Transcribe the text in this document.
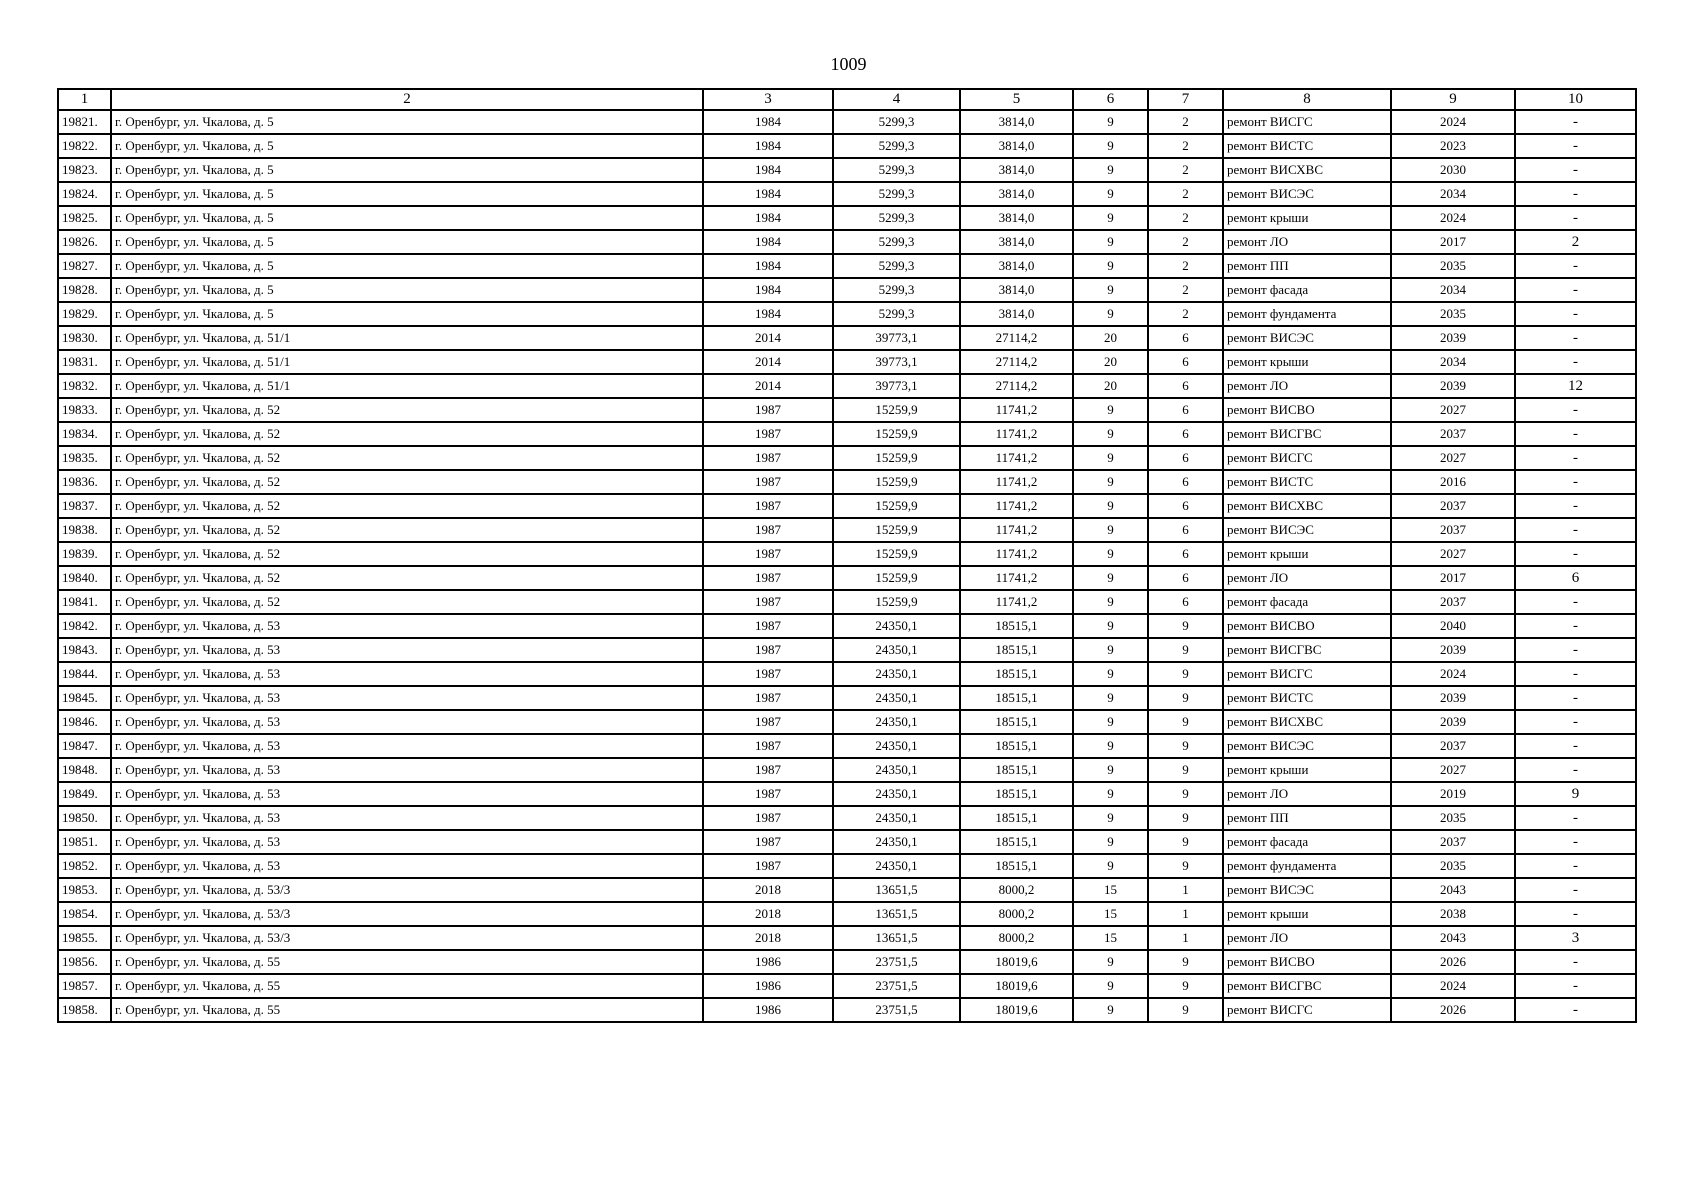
1009
1	2	3	4	5	6	7	8	9	10
19821.	г. Оренбург, ул. Чкалова, д. 5	1984	5299,3	3814,0	9	2	ремонт ВИСГС	2024	-
19822.	г. Оренбург, ул. Чкалова, д. 5	1984	5299,3	3814,0	9	2	ремонт ВИСТС	2023	-
19823.	г. Оренбург, ул. Чкалова, д. 5	1984	5299,3	3814,0	9	2	ремонт ВИСХВС	2030	-
19824.	г. Оренбург, ул. Чкалова, д. 5	1984	5299,3	3814,0	9	2	ремонт ВИСЭС	2034	-
19825.	г. Оренбург, ул. Чкалова, д. 5	1984	5299,3	3814,0	9	2	ремонт крыши	2024	-
19826.	г. Оренбург, ул. Чкалова, д. 5	1984	5299,3	3814,0	9	2	ремонт ЛО	2017	2
19827.	г. Оренбург, ул. Чкалова, д. 5	1984	5299,3	3814,0	9	2	ремонт ПП	2035	-
19828.	г. Оренбург, ул. Чкалова, д. 5	1984	5299,3	3814,0	9	2	ремонт фасада	2034	-
19829.	г. Оренбург, ул. Чкалова, д. 5	1984	5299,3	3814,0	9	2	ремонт фундамента	2035	-
19830.	г. Оренбург, ул. Чкалова, д. 51/1	2014	39773,1	27114,2	20	6	ремонт ВИСЭС	2039	-
19831.	г. Оренбург, ул. Чкалова, д. 51/1	2014	39773,1	27114,2	20	6	ремонт крыши	2034	-
19832.	г. Оренбург, ул. Чкалова, д. 51/1	2014	39773,1	27114,2	20	6	ремонт ЛО	2039	12
19833.	г. Оренбург, ул. Чкалова, д. 52	1987	15259,9	11741,2	9	6	ремонт ВИСВО	2027	-
19834.	г. Оренбург, ул. Чкалова, д. 52	1987	15259,9	11741,2	9	6	ремонт ВИСГВС	2037	-
19835.	г. Оренбург, ул. Чкалова, д. 52	1987	15259,9	11741,2	9	6	ремонт ВИСГС	2027	-
19836.	г. Оренбург, ул. Чкалова, д. 52	1987	15259,9	11741,2	9	6	ремонт ВИСТС	2016	-
19837.	г. Оренбург, ул. Чкалова, д. 52	1987	15259,9	11741,2	9	6	ремонт ВИСХВС	2037	-
19838.	г. Оренбург, ул. Чкалова, д. 52	1987	15259,9	11741,2	9	6	ремонт ВИСЭС	2037	-
19839.	г. Оренбург, ул. Чкалова, д. 52	1987	15259,9	11741,2	9	6	ремонт крыши	2027	-
19840.	г. Оренбург, ул. Чкалова, д. 52	1987	15259,9	11741,2	9	6	ремонт ЛО	2017	6
19841.	г. Оренбург, ул. Чкалова, д. 52	1987	15259,9	11741,2	9	6	ремонт фасада	2037	-
19842.	г. Оренбург, ул. Чкалова, д. 53	1987	24350,1	18515,1	9	9	ремонт ВИСВО	2040	-
19843.	г. Оренбург, ул. Чкалова, д. 53	1987	24350,1	18515,1	9	9	ремонт ВИСГВС	2039	-
19844.	г. Оренбург, ул. Чкалова, д. 53	1987	24350,1	18515,1	9	9	ремонт ВИСГС	2024	-
19845.	г. Оренбург, ул. Чкалова, д. 53	1987	24350,1	18515,1	9	9	ремонт ВИСТС	2039	-
19846.	г. Оренбург, ул. Чкалова, д. 53	1987	24350,1	18515,1	9	9	ремонт ВИСХВС	2039	-
19847.	г. Оренбург, ул. Чкалова, д. 53	1987	24350,1	18515,1	9	9	ремонт ВИСЭС	2037	-
19848.	г. Оренбург, ул. Чкалова, д. 53	1987	24350,1	18515,1	9	9	ремонт крыши	2027	-
19849.	г. Оренбург, ул. Чкалова, д. 53	1987	24350,1	18515,1	9	9	ремонт ЛО	2019	9
19850.	г. Оренбург, ул. Чкалова, д. 53	1987	24350,1	18515,1	9	9	ремонт ПП	2035	-
19851.	г. Оренбург, ул. Чкалова, д. 53	1987	24350,1	18515,1	9	9	ремонт фасада	2037	-
19852.	г. Оренбург, ул. Чкалова, д. 53	1987	24350,1	18515,1	9	9	ремонт фундамента	2035	-
19853.	г. Оренбург, ул. Чкалова, д. 53/3	2018	13651,5	8000,2	15	1	ремонт ВИСЭС	2043	-
19854.	г. Оренбург, ул. Чкалова, д. 53/3	2018	13651,5	8000,2	15	1	ремонт крыши	2038	-
19855.	г. Оренбург, ул. Чкалова, д. 53/3	2018	13651,5	8000,2	15	1	ремонт ЛО	2043	3
19856.	г. Оренбург, ул. Чкалова, д. 55	1986	23751,5	18019,6	9	9	ремонт ВИСВО	2026	-
19857.	г. Оренбург, ул. Чкалова, д. 55	1986	23751,5	18019,6	9	9	ремонт ВИСГВС	2024	-
19858.	г. Оренбург, ул. Чкалова, д. 55	1986	23751,5	18019,6	9	9	ремонт ВИСГС	2026	-
